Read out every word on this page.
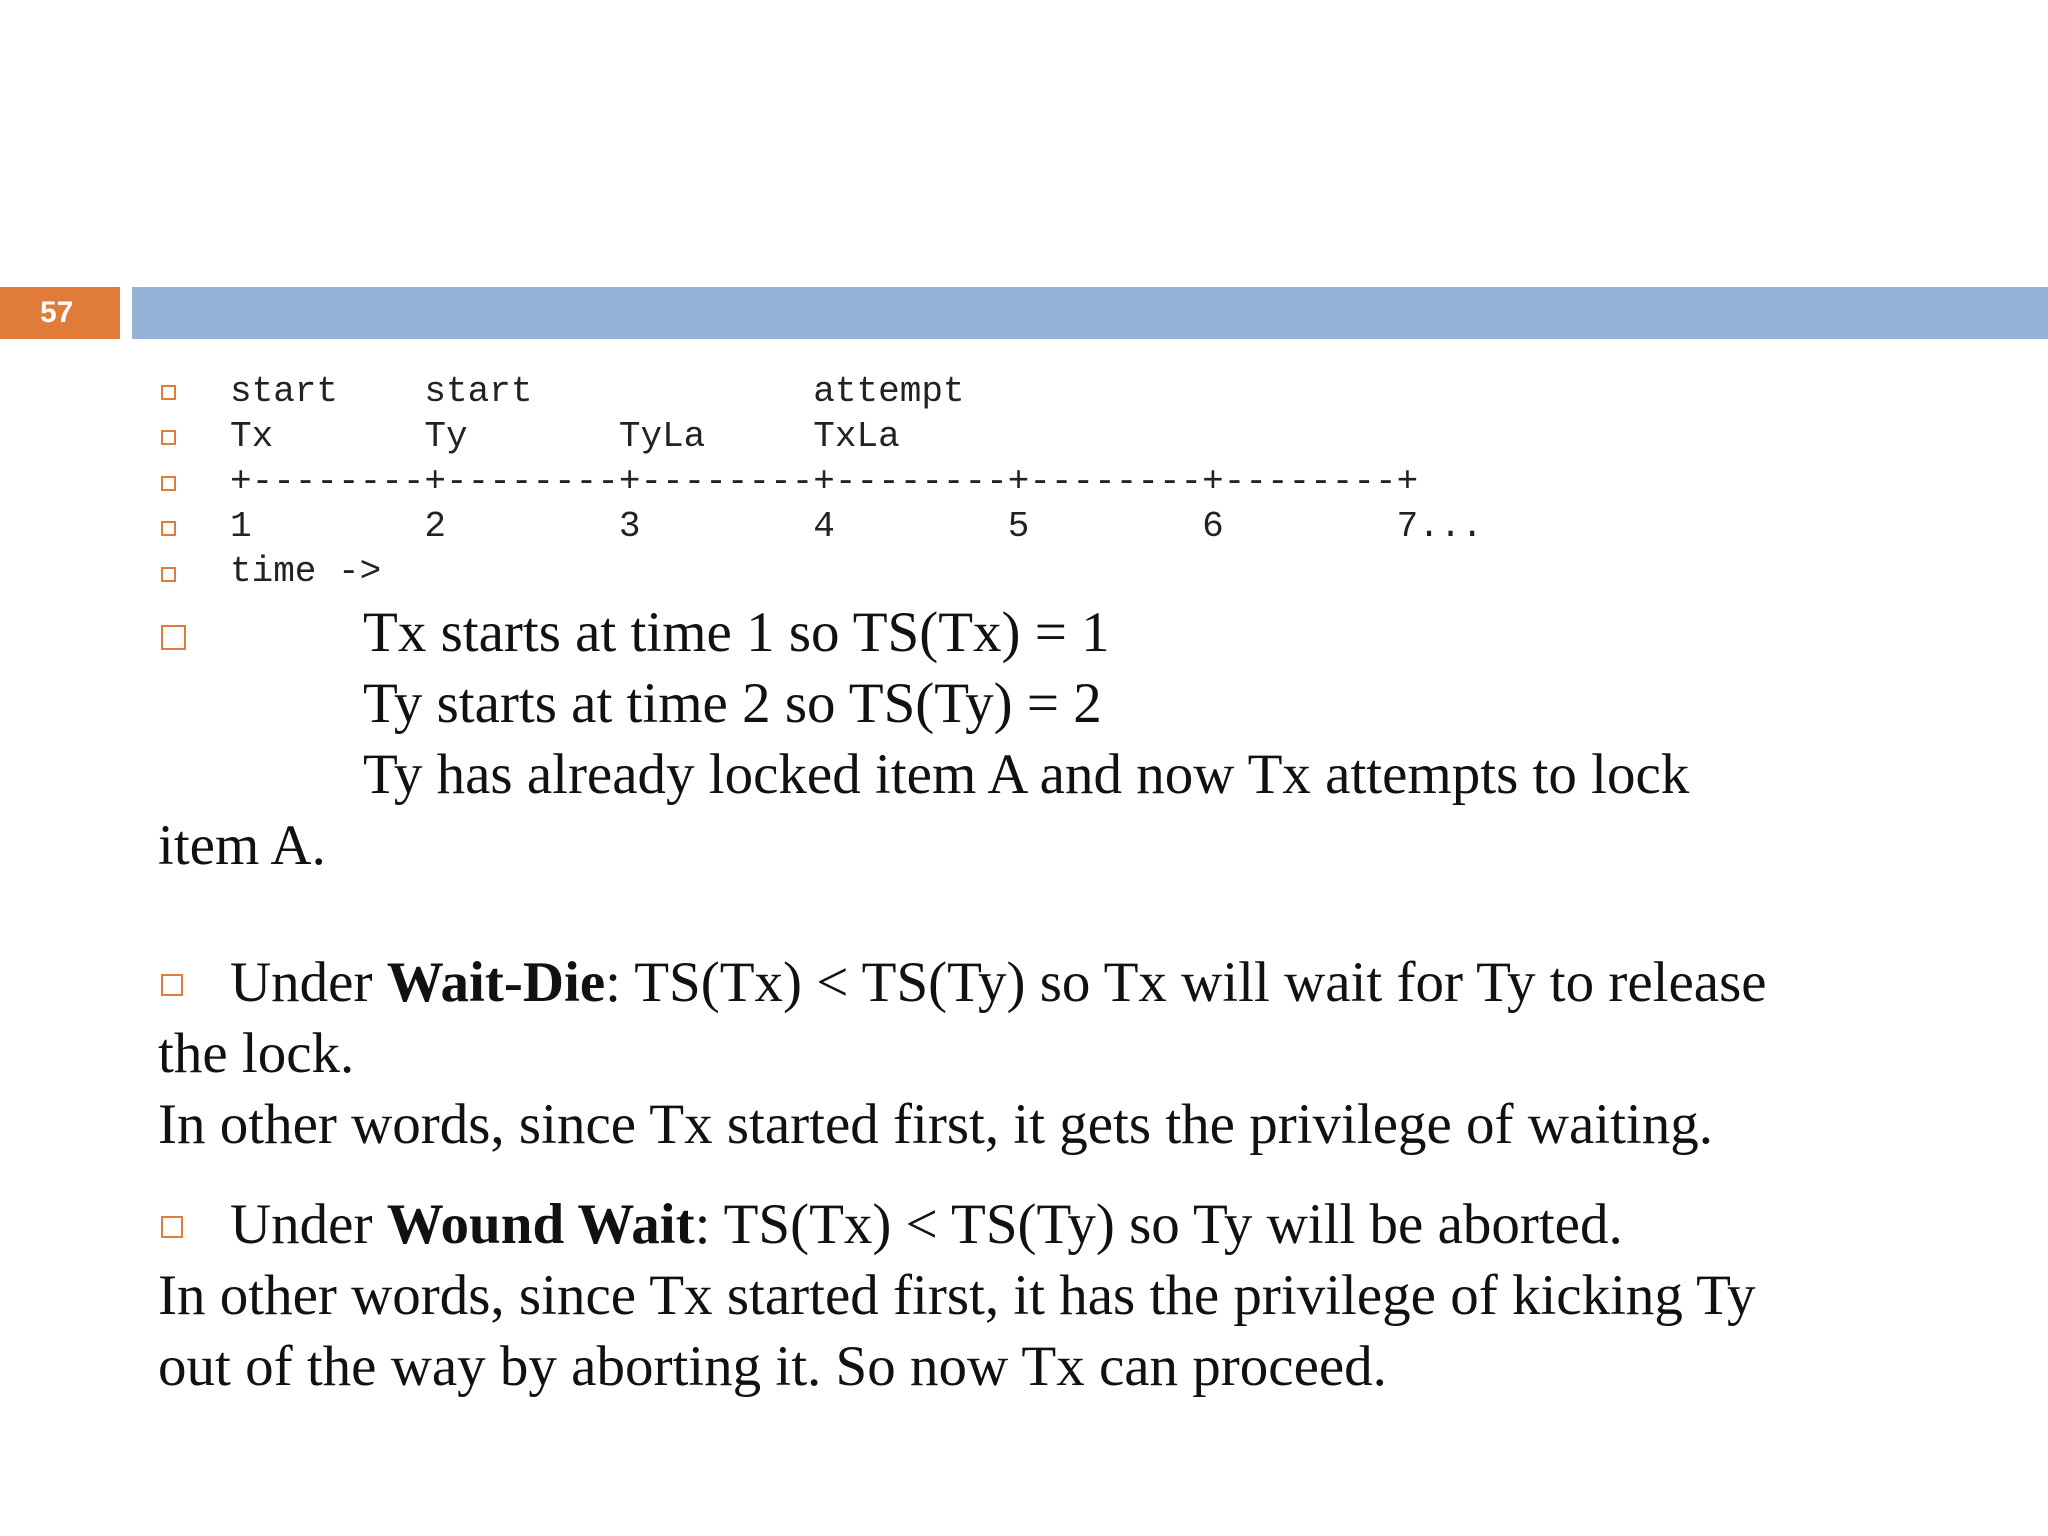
57
start    start             attempt
Tx       Ty       TyLa     TxLa
+--------+--------+--------+--------+--------+--------+
1        2        3        4        5        6        7...
time ->
Tx starts at time 1 so TS(Tx) = 1
Ty starts at time 2 so TS(Ty) = 2
Ty has already locked item A and now Tx attempts to lock
item A.
Under Wait-Die: TS(Tx) < TS(Ty) so Tx will wait for Ty to release
the lock.
In other words, since Tx started first, it gets the privilege of waiting.
Under Wound Wait: TS(Tx) < TS(Ty) so Ty will be aborted.
In other words, since Tx started first, it has the privilege of kicking Ty
out of the way by aborting it. So now Tx can proceed.
